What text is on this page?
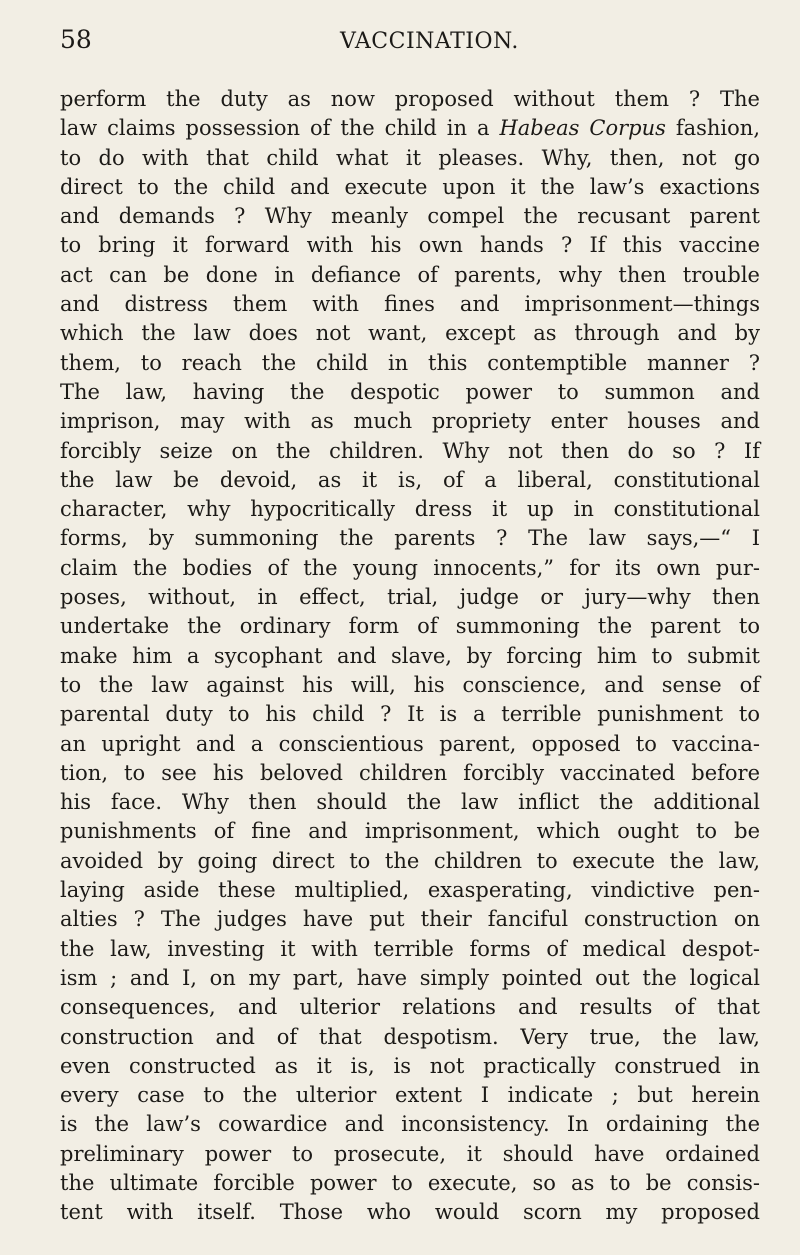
58	VACCINATION.
perform the duty as now proposed without them ? The
law claims possession of the child in a Habeas Corpus fashion,
to do with that child what it pleases. Why, then, not go
direct to the child and execute upon it the law’s exactions
and demands ? Why meanly compel the recusant parent
to bring it forward with his own hands ? If this vaccine
act can be done in defiance of parents, why then trouble
and distress them with fines and imprisonment—things
which the law does not want, except as through and by
them, to reach the child in this contemptible manner ?
The law, having the despotic power to summon and
imprison, may with as much propriety enter houses and
forcibly seize on the children. Why not then do so ? If
the law be devoid, as it is, of a liberal, constitutional
character, why hypocritically dress it up in constitutional
forms, by summoning the parents ? The law says,—“ I
claim the bodies of the young innocents,” for its own pur-
poses, without, in effect, trial, judge or jury—why then
undertake the ordinary form of summoning the parent to
make him a sycophant and slave, by forcing him to submit
to the law against his will, his conscience, and sense of
parental duty to his child ? It is a terrible punishment to
an upright and a conscientious parent, opposed to vaccina-
tion, to see his beloved children forcibly vaccinated before
his face. Why then should the law inflict the additional
punishments of fine and imprisonment, which ought to be
avoided by going direct to the children to execute the law,
laying aside these multiplied, exasperating, vindictive pen-
alties ? The judges have put their fanciful construction on
the law, investing it with terrible forms of medical despot-
ism ; and I, on my part, have simply pointed out the logical
consequences, and ulterior relations and results of that
construction and of that despotism. Very true, the law,
even constructed as it is, is not practically construed in
every case to the ulterior extent I indicate ; but herein
is the law’s cowardice and inconsistency. In ordaining the
preliminary power to prosecute, it should have ordained
the ultimate forcible power to execute, so as to be consis-
tent with itself. Those who would scorn my proposed
